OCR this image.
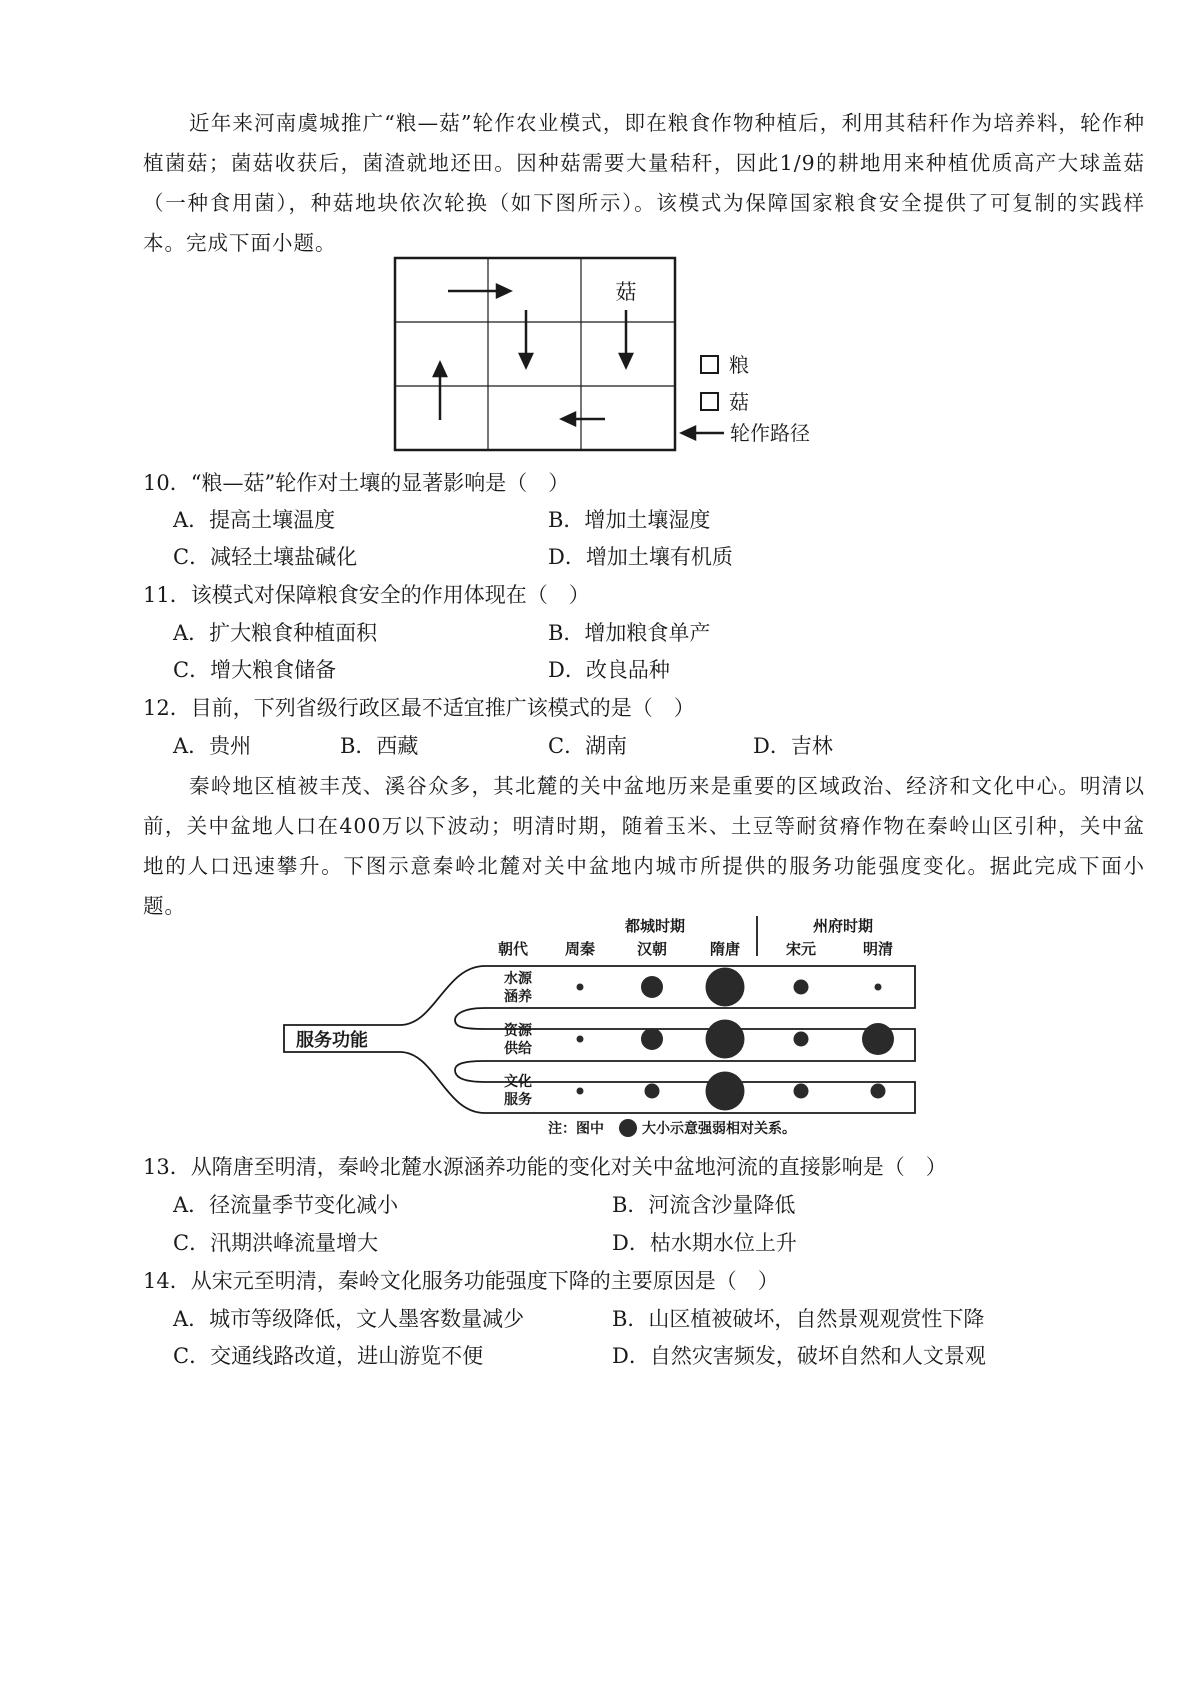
近年来河南虞城推广“粮—菇”轮作农业模式，即在粮食作物种植后，利用其秸秆作为培养料，轮作种植菌菇；菌菇收获后，菌渣就地还田。因种菇需要大量秸秆，因此1/9的耕地用来种植优质高产大球盖菇（一种食用菌），种菇地块依次轮换（如下图所示）。该模式为保障国家粮食安全提供了可复制的实践样本。完成下面小题。
菇
粮
菇
轮作路径
10．“粮—菇”轮作对土壤的显著影响是（　）
A．提高土壤温度	B．增加土壤湿度
C．减轻土壤盐碱化	D．增加土壤有机质
11．该模式对保障粮食安全的作用体现在（　）
A．扩大粮食种植面积	B．增加粮食单产
C．增大粮食储备	D．改良品种
12．目前，下列省级行政区最不适宜推广该模式的是（　）
A．贵州	B．西藏	C．湖南	D．吉林
秦岭地区植被丰茂、溪谷众多，其北麓的关中盆地历来是重要的区域政治、经济和文化中心。明清以前，关中盆地人口在400万以下波动；明清时期，随着玉米、土豆等耐贫瘠作物在秦岭山区引种，关中盆地的人口迅速攀升。下图示意秦岭北麓对关中盆地内城市所提供的服务功能强度变化。据此完成下面小题。
都城时期	州府时期
朝代 周秦	汉朝	隋唐	宋元	明清
服务功能
水源
涵养
资源
供给
文化
服务
注：图中	大小示意强弱相对关系。
13．从隋唐至明清，秦岭北麓水源涵养功能的变化对关中盆地河流的直接影响是（　）
A．径流量季节变化减小	B．河流含沙量降低
C．汛期洪峰流量增大	D．枯水期水位上升
14．从宋元至明清，秦岭文化服务功能强度下降的主要原因是（　）
A．城市等级降低，文人墨客数量减少	B．山区植被破坏，自然景观观赏性下降
C．交通线路改道，进山游览不便	D．自然灾害频发，破坏自然和人文景观
